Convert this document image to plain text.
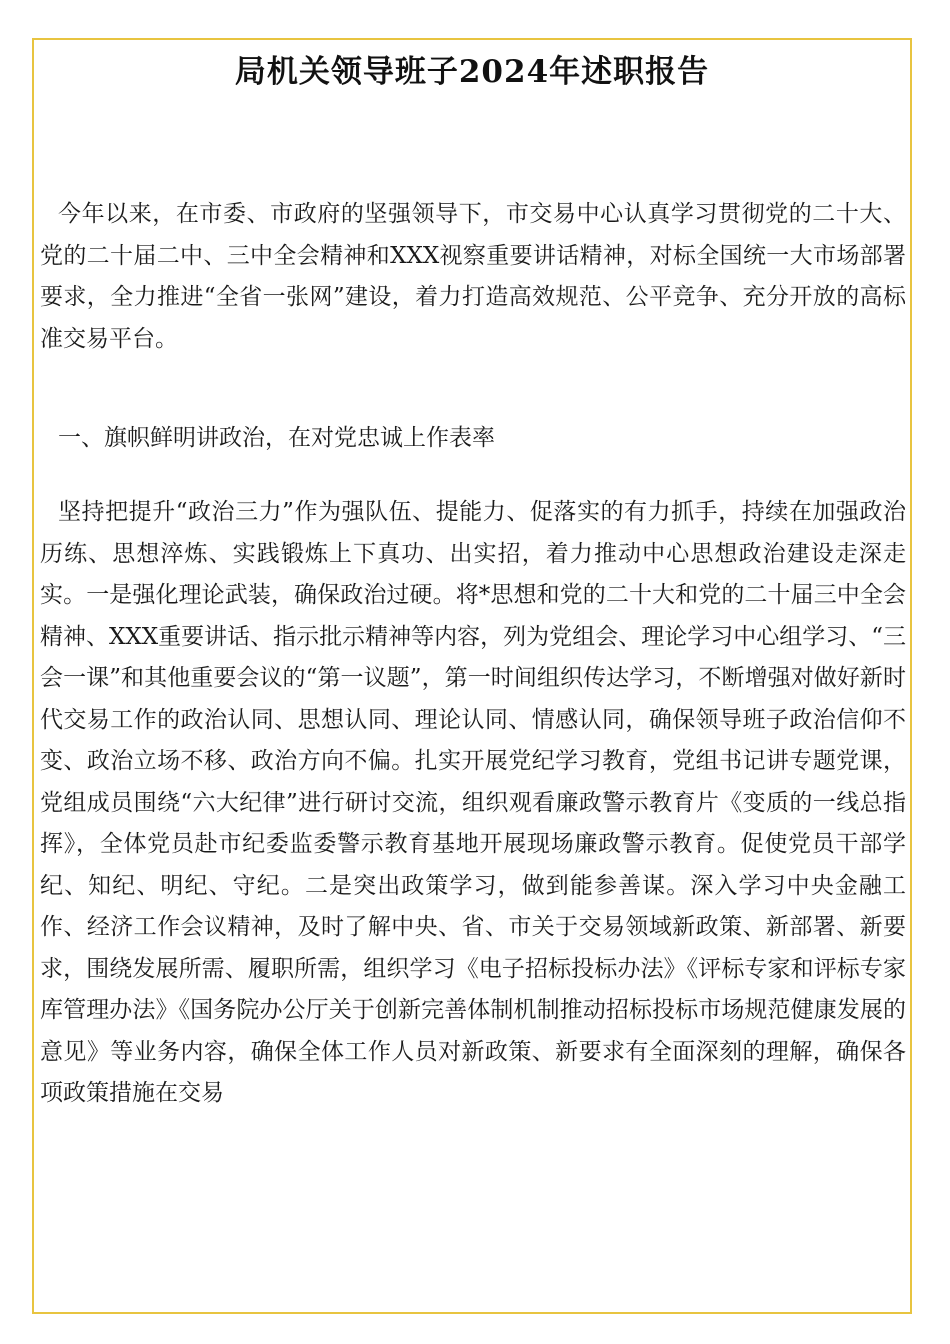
局机关领导班子2024年述职报告

今年以来，在市委、市政府的坚强领导下，市交易中心认真学习贯彻党的二十大、党的二十届二中、三中全会精神和XXX视察重要讲话精神，对标全国统一大市场部署要求，全力推进“全省一张网”建设，着力打造高效规范、公平竞争、充分开放的高标准交易平台。

一、旗帜鲜明讲政治，在对党忠诚上作表率

坚持把提升“政治三力”作为强队伍、提能力、促落实的有力抓手，持续在加强政治历练、思想淬炼、实践锻炼上下真功、出实招，着力推动中心思想政治建设走深走实。一是强化理论武装，确保政治过硬。将*思想和党的二十大和党的二十届三中全会精神、XXX重要讲话、指示批示精神等内容，列为党组会、理论学习中心组学习、“三会一课”和其他重要会议的“第一议题”，第一时间组织传达学习，不断增强对做好新时代交易工作的政治认同、思想认同、理论认同、情感认同，确保领导班子政治信仰不变、政治立场不移、政治方向不偏。扎实开展党纪学习教育，党组书记讲专题党课，党组成员围绕“六大纪律”进行研讨交流，组织观看廉政警示教育片《变质的一线总指挥》，全体党员赴市纪委监委警示教育基地开展现场廉政警示教育。促使党员干部学纪、知纪、明纪、守纪。二是突出政策学习，做到能参善谋。深入学习中央金融工作、经济工作会议精神，及时了解中央、省、市关于交易领域新政策、新部署、新要求，围绕发展所需、履职所需，组织学习《电子招标投标办法》《评标专家和评标专家库管理办法》《国务院办公厅关于创新完善体制机制推动招标投标市场规范健康发展的意见》等业务内容，确保全体工作人员对新政策、新要求有全面深刻的理解，确保各项政策措施在交易
